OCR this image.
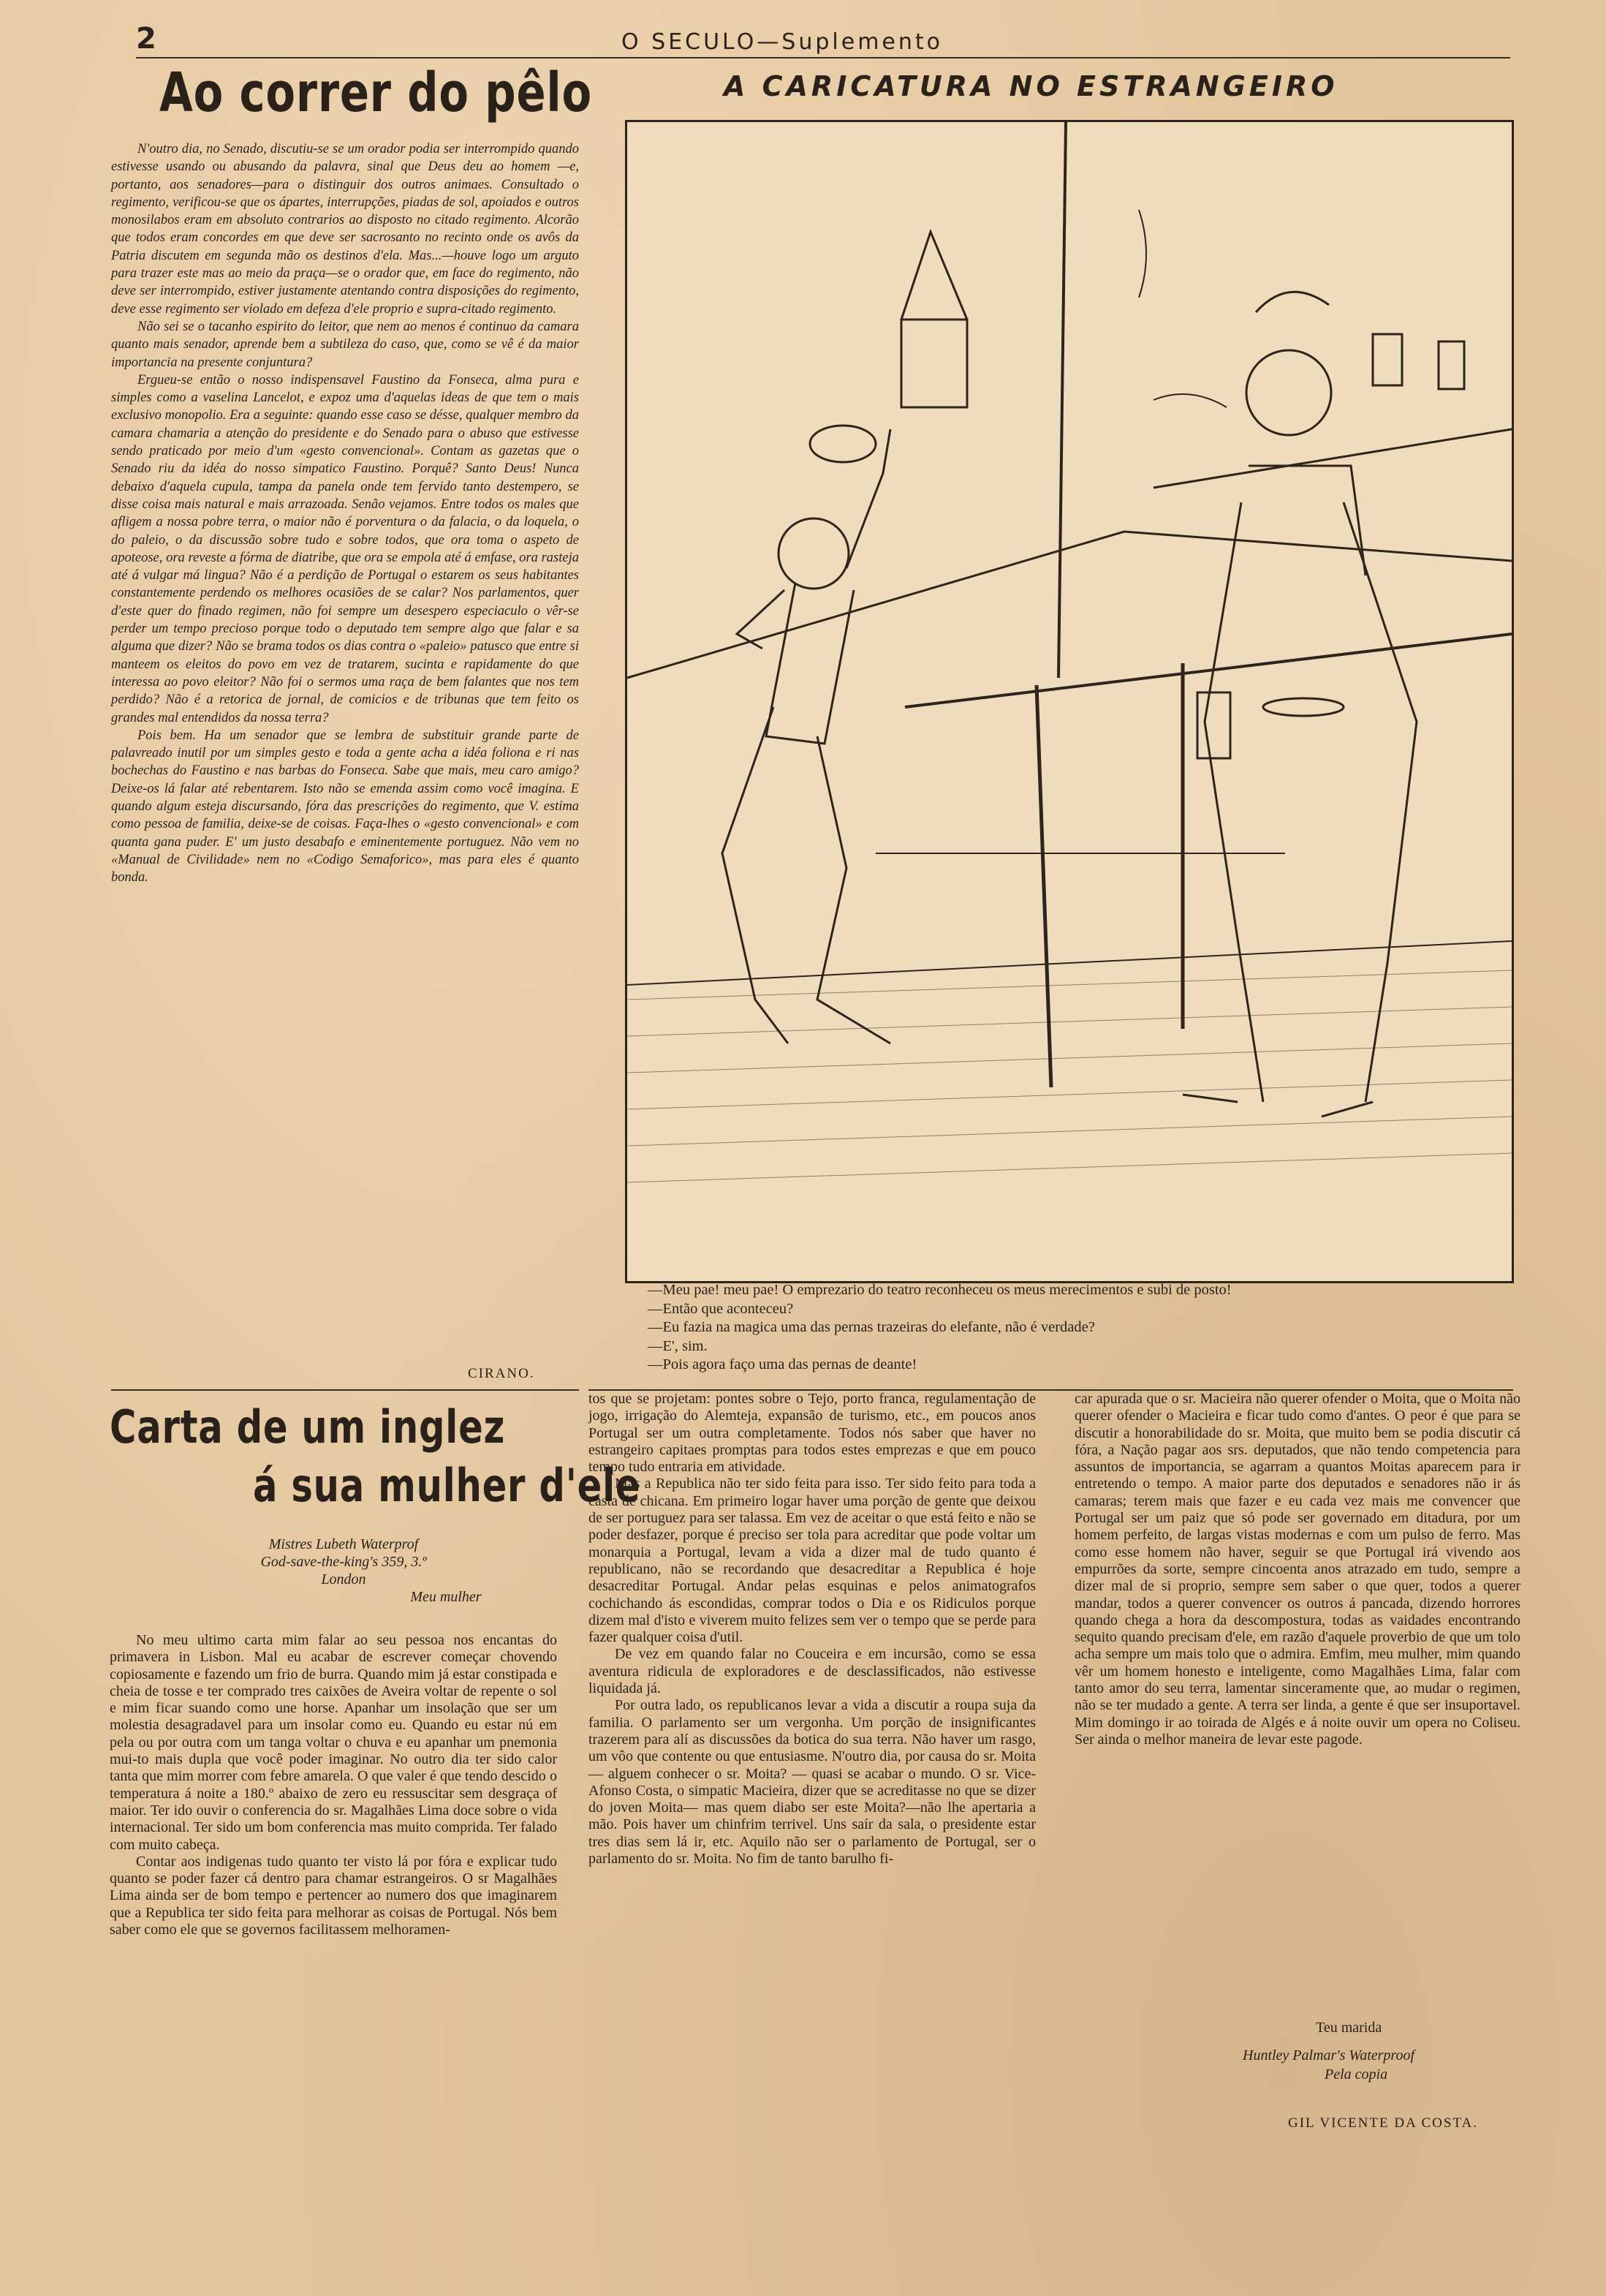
2	O SECULO—Suplemento
Ao correr do pêlo

N'outro dia, no Senado, discutiu-se se um orador podia ser interrompido quando estivesse usando ou abusando da palavra, sinal que Deus deu ao homem —e, portanto, aos senadores—para o distinguir dos outros animaes. Consultado o regimento, verificou-se que os ápartes, interrupções, piadas de sol, apoiados e outros monosilabos eram em absoluto contrarios ao disposto no citado regimento. Alcorão que todos eram concordes em que deve ser sacrosanto no recinto onde os avôs da Patria discutem em segunda mão os destinos d'ela. Mas...—houve logo um arguto para trazer este mas ao meio da praça—se o orador que, em face do regimento, não deve ser interrompido, estiver justamente atentando contra disposições do regimento, deve esse regimento ser violado em defeza d'ele proprio e supra-citado regimento.

Não sei se o tacanho espirito do leitor, que nem ao menos é continuo da camara quanto mais senador, aprende bem a subtileza do caso, que, como se vê é da maior importancia na presente conjuntura?

Ergueu-se então o nosso indispensavel Faustino da Fonseca, alma pura e simples como a vaselina Lancelot, e expoz uma d'aquelas ideas de que tem o mais exclusivo monopolio. Era a seguinte: quando esse caso se désse, qualquer membro da camara chamaria a atenção do presidente e do Senado para o abuso que estivesse sendo praticado por meio d'um «gesto convencional». Contam as gazetas que o Senado riu da idéa do nosso simpatico Faustino. Porquê? Santo Deus! Nunca debaixo d'aquela cupula, tampa da panela onde tem fervido tanto destempero, se disse coisa mais natural e mais arrazoada. Senão vejamos. Entre todos os males que afligem a nossa pobre terra, o maior não é porventura o da falacia, o da loquela, o do paleio, o da discussão sobre tudo e sobre todos, que ora toma o aspeto de apoteose, ora reveste a fórma de diatribe, que ora se empola até á emfase, ora rasteja até á vulgar má lingua? Não é a perdição de Portugal o estarem os seus habitantes constantemente perdendo os melhores ocasiões de se calar? Nos parlamentos, quer d'este quer do finado regimen, não foi sempre um desespero especiaculo o vêr-se perder um tempo precioso porque todo o deputado tem sempre algo que falar e sa alguma que dizer? Não se brama todos os dias contra o «paleio» patusco que entre si manteem os eleitos do povo em vez de tratarem, sucinta e rapidamente do que interessa ao povo eleitor? Não foi o sermos uma raça de bem falantes que nos tem perdido? Não é a retorica de jornal, de comicios e de tribunas que tem feito os grandes mal entendidos da nossa terra?

Pois bem. Ha um senador que se lembra de substituir grande parte de palavreado inutil por um simples gesto e toda a gente acha a idéa foliona e ri nas bochechas do Faustino e nas barbas do Fonseca. Sabe que mais, meu caro amigo? Deixe-os lá falar até rebentarem. Isto não se emenda assim como você imagina. E quando algum esteja discursando, fóra das prescrições do regimento, que V. estima como pessoa de familia, deixe-se de coisas. Faça-lhes o «gesto convencional» e com quanta gana puder. E' um justo desabafo e eminentemente portuguez. Não vem no «Manual de Civilidade» nem no «Codigo Semaforico», mas para eles é quanto bonda.

CIRANO.
A CARICATURA NO ESTRANGEIRO

—Meu pae! meu pae! O emprezario do teatro reconheceu os meus merecimentos e subi de posto!

—Então que aconteceu?

—Eu fazia na magica uma das pernas trazeiras do elefante, não é verdade?

—E', sim.

—Pois agora faço uma das pernas de deante!

Carta de um inglez
á sua mulher d'ele

Mistres Lubeth Waterprof

God-save-the-king's 359, 3.º

London

Meu mulher

No meu ultimo carta mim falar ao seu pessoa nos encantas do primavera in Lisbon. Mal eu acabar de escrever começar chovendo copiosamente e fazendo um frio de burra. Quando mim já estar constipada e cheia de tosse e ter comprado tres caixões de Aveira voltar de repente o sol e mim ficar suando como une horse. Apanhar um insolação que ser um molestia desagradavel para um insolar como eu. Quando eu estar nú em pela ou por outra com um tanga voltar o chuva e eu apanhar um pnemonia mui-to mais dupla que você poder imaginar. No outro dia ter sido calor tanta que mim morrer com febre amarela. O que valer é que tendo descido o temperatura á noite a 180.º abaixo de zero eu ressuscitar sem desgraça of maior. Ter ido ouvir o conferencia do sr. Magalhães Lima doce sobre o vida internacional. Ter sido um bom conferencia mas muito comprida. Ter falado com muito cabeça.

Contar aos indigenas tudo quanto ter visto lá por fóra e explicar tudo quanto se poder fazer cá dentro para chamar estrangeiros. O sr Magalhães Lima ainda ser de bom tempo e pertencer ao numero dos que imaginarem que a Republica ter sido feita para melhorar as coisas de Portugal. Nós bem saber como ele que se governos facilitassem melhoramen-

tos que se projetam: pontes sobre o Tejo, porto franca, regulamentação de jogo, irrigação do Alemteja, expansão de turismo, etc., em poucos anos Portugal ser um outra completamente. Todos nós saber que haver no estrangeiro capitaes promptas para todos estes emprezas e que em pouco tempo tudo entraria em atividade.

Mas a Republica não ter sido feita para isso. Ter sido feito para toda a casta de chicana. Em primeiro logar haver uma porção de gente que deixou de ser portuguez para ser talassa. Em vez de aceitar o que está feito e não se poder desfazer, porque é preciso ser tola para acreditar que pode voltar um monarquia a Portugal, levam a vida a dizer mal de tudo quanto é republicano, não se recordando que desacreditar a Republica é hoje desacreditar Portugal. Andar pelas esquinas e pelos animatografos cochichando ás escondidas, comprar todos o Dia e os Ridiculos porque dizem mal d'isto e viverem muito felizes sem ver o tempo que se perde para fazer qualquer coisa d'util.

De vez em quando falar no Couceira e em incursão, como se essa aventura ridicula de exploradores e de desclassificados, não estivesse liquidada já.

Por outra lado, os republicanos levar a vida a discutir a roupa suja da familia. O parlamento ser um vergonha. Um porção de insignificantes trazerem para alí as discussões da botica do sua terra. Não haver um rasgo, um vôo que contente ou que entusiasme. N'outro dia, por causa do sr. Moita — alguem conhecer o sr. Moita? — quasi se acabar o mundo. O sr. Vice-Afonso Costa, o simpatic Macieira, dizer que se acreditasse no que se dizer do joven Moita— mas quem diabo ser este Moita?—não lhe apertaria a mão. Pois haver um chinfrim terrivel. Uns saír da sala, o presidente estar tres dias sem lá ir, etc. Aquilo não ser o parlamento de Portugal, ser o parlamento do sr. Moita. No fim de tanto barulho fi-

car apurada que o sr. Macieira não querer ofender o Moita, que o Moita não querer ofender o Macieira e ficar tudo como d'antes. O peor é que para se discutir a honorabilidade do sr. Moita, que muito bem se podia discutir cá fóra, a Nação pagar aos srs. deputados, que não tendo competencia para assuntos de importancia, se agarram a quantos Moitas aparecem para ir entretendo o tempo. A maior parte dos deputados e senadores não ir ás camaras; terem mais que fazer e eu cada vez mais me convencer que Portugal ser um paiz que só pode ser governado em ditadura, por um homem perfeito, de largas vistas modernas e com um pulso de ferro. Mas como esse homem não haver, seguir se que Portugal irá vivendo aos empurrões da sorte, sempre cincoenta anos atrazado em tudo, sempre a dizer mal de si proprio, sempre sem saber o que quer, todos a querer mandar, todos a querer convencer os outros á pancada, dizendo horrores quando chega a hora da descompostura, todas as vaidades encontrando sequito quando precisam d'ele, em razão d'aquele proverbio de que um tolo acha sempre um mais tolo que o admira. Emfim, meu mulher, mim quando vêr um homem honesto e inteligente, como Magalhães Lima, falar com tanto amor do seu terra, lamentar sinceramente que, ao mudar o regimen, não se ter mudado a gente. A terra ser linda, a gente é que ser insuportavel. Mim domingo ir ao toirada de Algés e á noite ouvir um opera no Coliseu. Ser ainda o melhor maneira de levar este pagode.

Teu marida
Huntley Palmar's Waterproof
Pela copia
GIL VICENTE DA COSTA.
